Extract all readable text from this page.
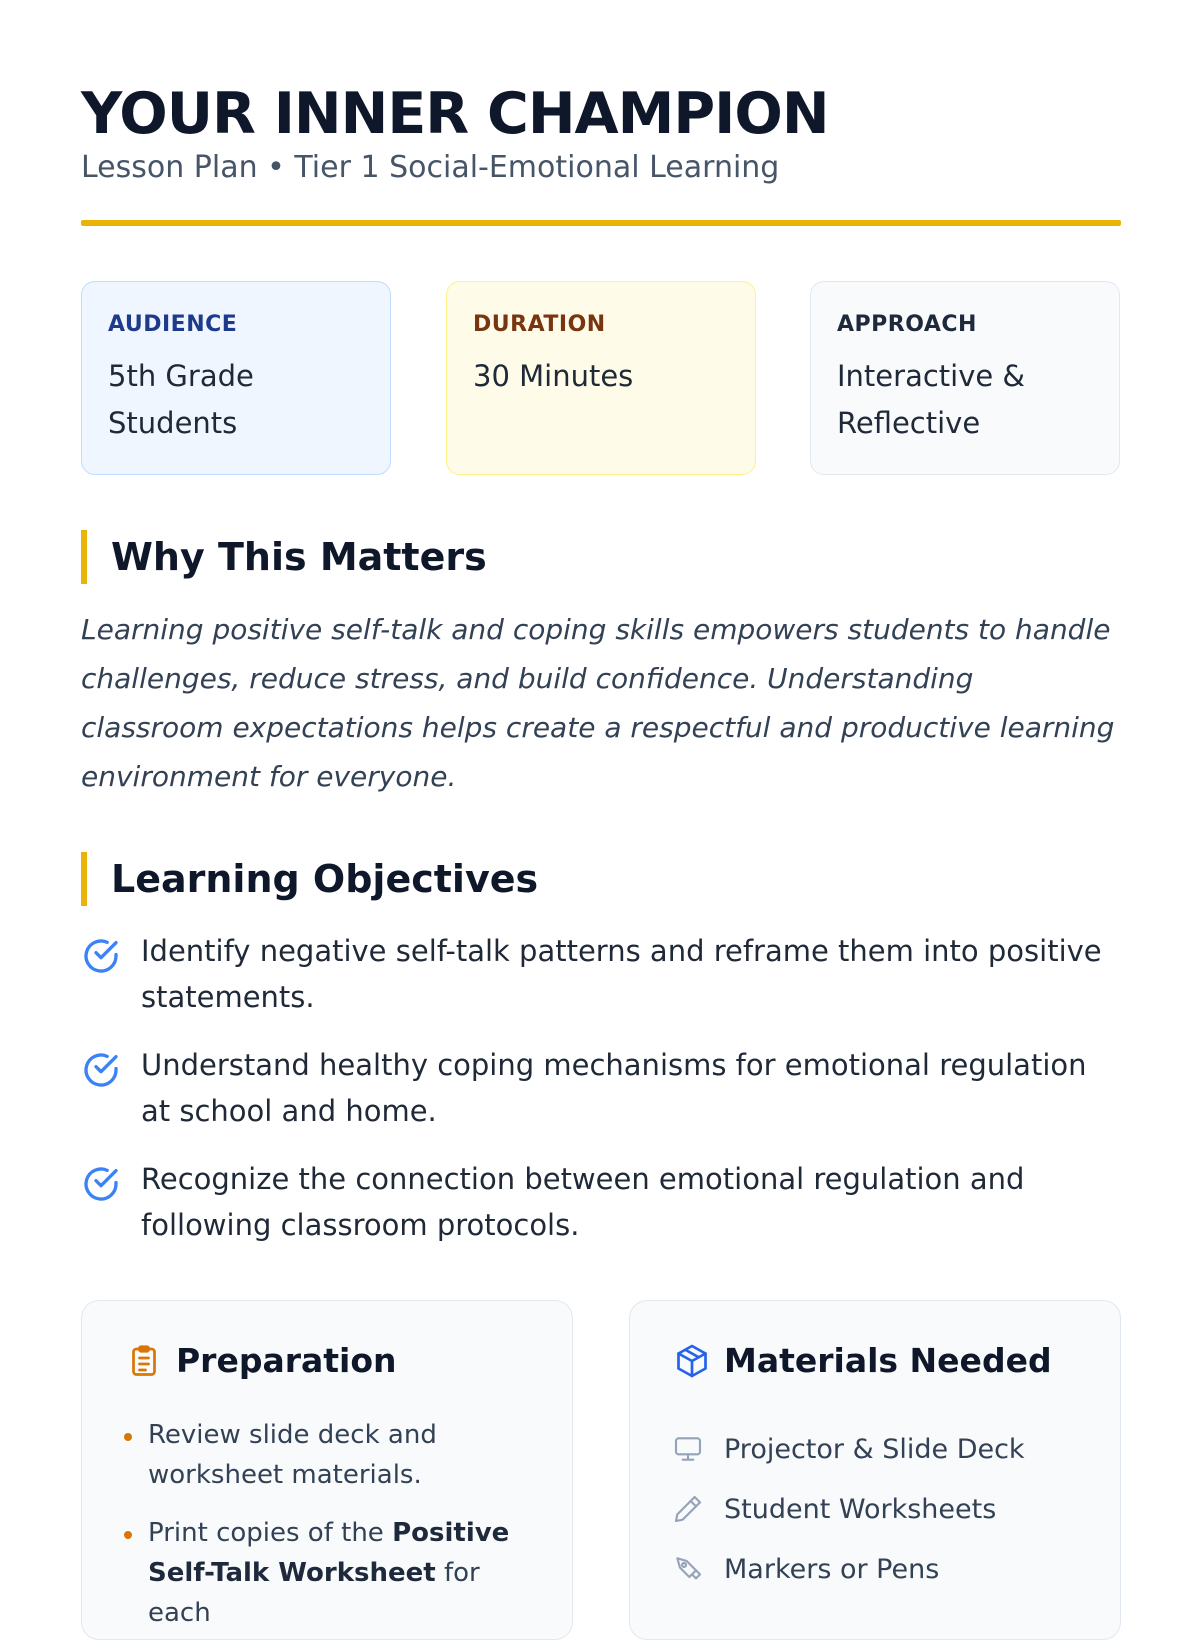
YOUR INNER CHAMPION

Lesson Plan • Tier 1 Social-Emotional Learning

AUDIENCE
5th Grade
Students
DURATION
30 Minutes
APPROACH
Interactive &
Reflective
Why This Matters

Learning positive self-talk and coping skills empowers students to handle challenges, reduce stress, and build confidence. Understanding classroom expectations helps create a respectful and productive learning environment for everyone.

Learning Objectives
Identify negative self-talk patterns and reframe them into positive statements.
Understand healthy coping mechanisms for emotional regulation at school and home.
Recognize the connection between emotional regulation and following classroom protocols.
Preparation
Review slide deck and worksheet materials.
Print copies of the Positive Self-Talk Worksheet for each
Materials Needed
Projector & Slide Deck
Student Worksheets
Markers or Pens
